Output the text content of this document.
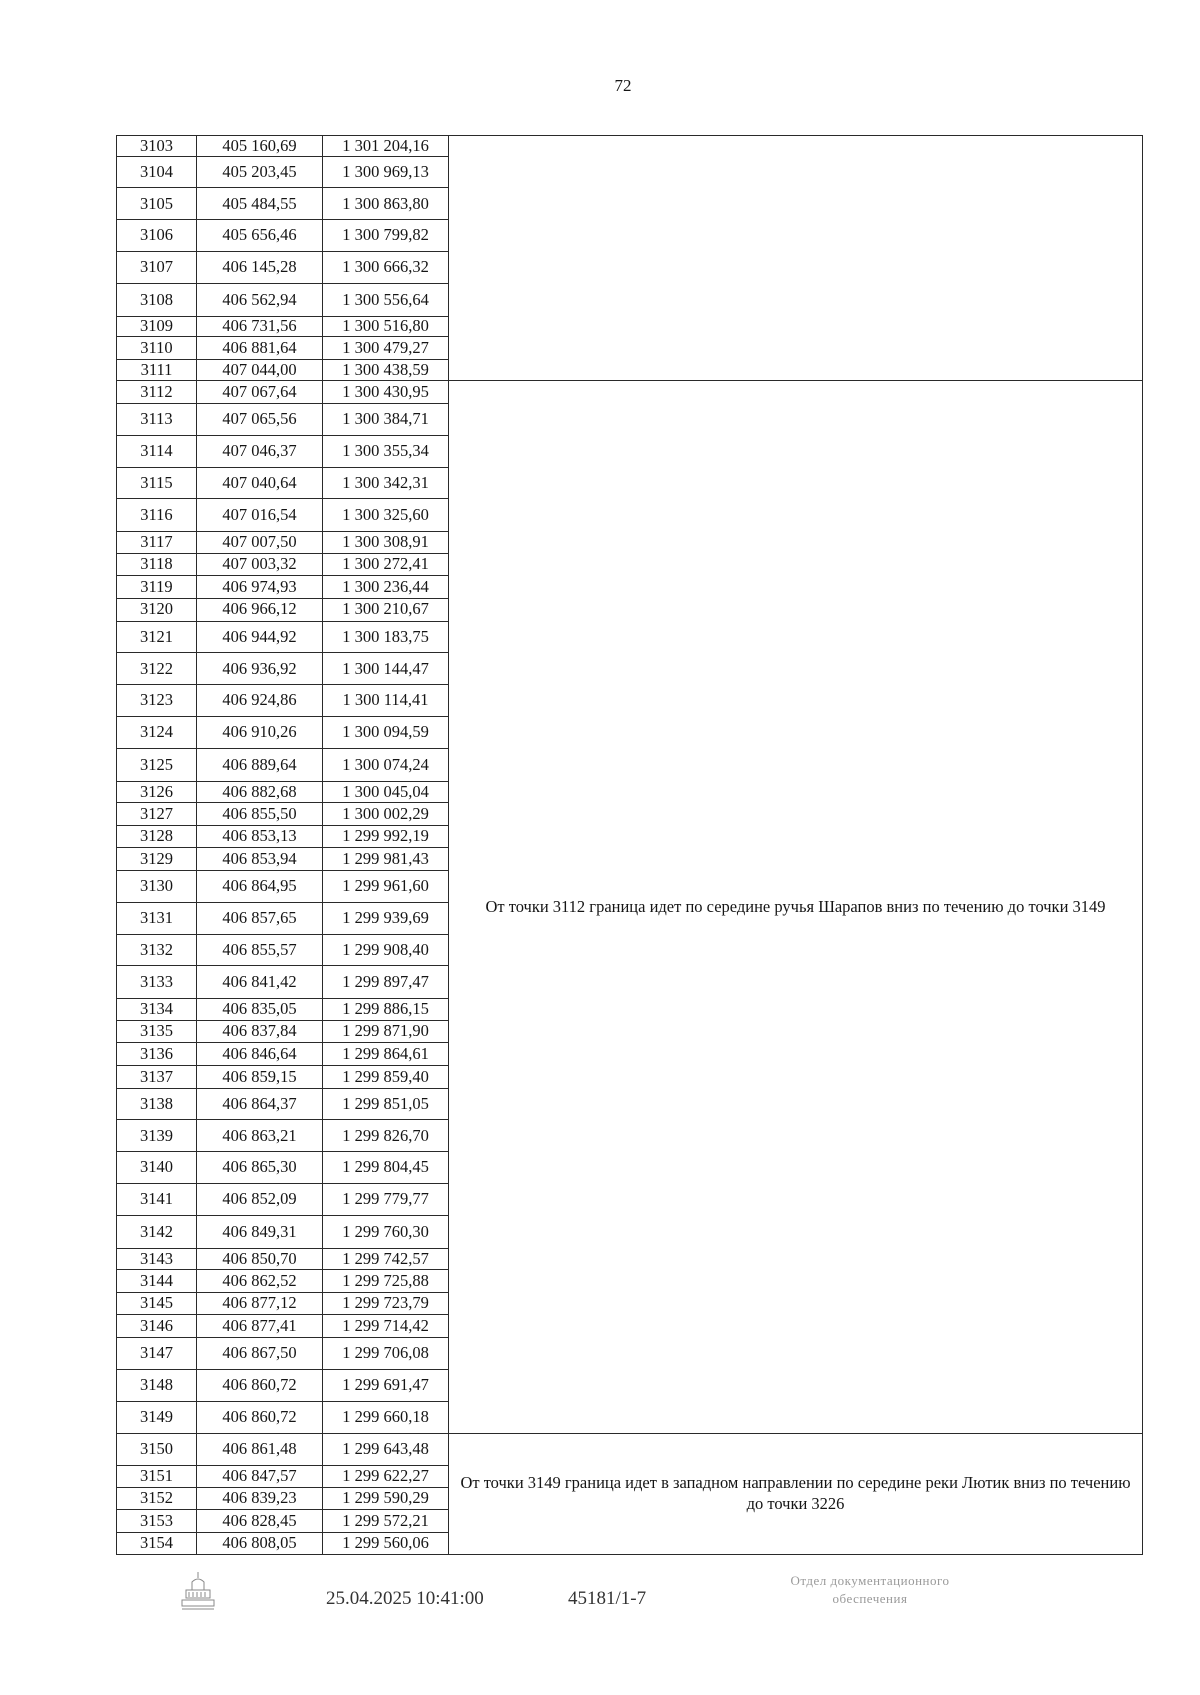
72
3103	405 160,69	1 301 204,16	
3104	405 203,45	1 300 969,13	
3105	405 484,55	1 300 863,80	
3106	405 656,46	1 300 799,82	
3107	406 145,28	1 300 666,32	
3108	406 562,94	1 300 556,64	
3109	406 731,56	1 300 516,80	
3110	406 881,64	1 300 479,27	
3111	407 044,00	1 300 438,59	
3112	407 067,64	1 300 430,95	От точки 3112 граница идет по середине ручья Шарапов вниз по течению до точки 3149
3113	407 065,56	1 300 384,71	
3114	407 046,37	1 300 355,34	
3115	407 040,64	1 300 342,31	
3116	407 016,54	1 300 325,60	
3117	407 007,50	1 300 308,91	
3118	407 003,32	1 300 272,41	
3119	406 974,93	1 300 236,44	
3120	406 966,12	1 300 210,67	
3121	406 944,92	1 300 183,75	
3122	406 936,92	1 300 144,47	
3123	406 924,86	1 300 114,41	
3124	406 910,26	1 300 094,59	
3125	406 889,64	1 300 074,24	
3126	406 882,68	1 300 045,04	
3127	406 855,50	1 300 002,29	
3128	406 853,13	1 299 992,19	
3129	406 853,94	1 299 981,43	
3130	406 864,95	1 299 961,60	
3131	406 857,65	1 299 939,69	
3132	406 855,57	1 299 908,40	
3133	406 841,42	1 299 897,47	
3134	406 835,05	1 299 886,15	
3135	406 837,84	1 299 871,90	
3136	406 846,64	1 299 864,61	
3137	406 859,15	1 299 859,40	
3138	406 864,37	1 299 851,05	
3139	406 863,21	1 299 826,70	
3140	406 865,30	1 299 804,45	
3141	406 852,09	1 299 779,77	
3142	406 849,31	1 299 760,30	
3143	406 850,70	1 299 742,57	
3144	406 862,52	1 299 725,88	
3145	406 877,12	1 299 723,79	
3146	406 877,41	1 299 714,42	
3147	406 867,50	1 299 706,08	
3148	406 860,72	1 299 691,47	
3149	406 860,72	1 299 660,18	
3150	406 861,48	1 299 643,48	От точки 3149 граница идет в западном направлении по середине реки Лютик вниз по течению до точки 3226
3151	406 847,57	1 299 622,27	
3152	406 839,23	1 299 590,29	
3153	406 828,45	1 299 572,21	
3154	406 808,05	1 299 560,06	
25.04.2025 10:41:00	45181/1-7
Отдел документационного
обеспечения
